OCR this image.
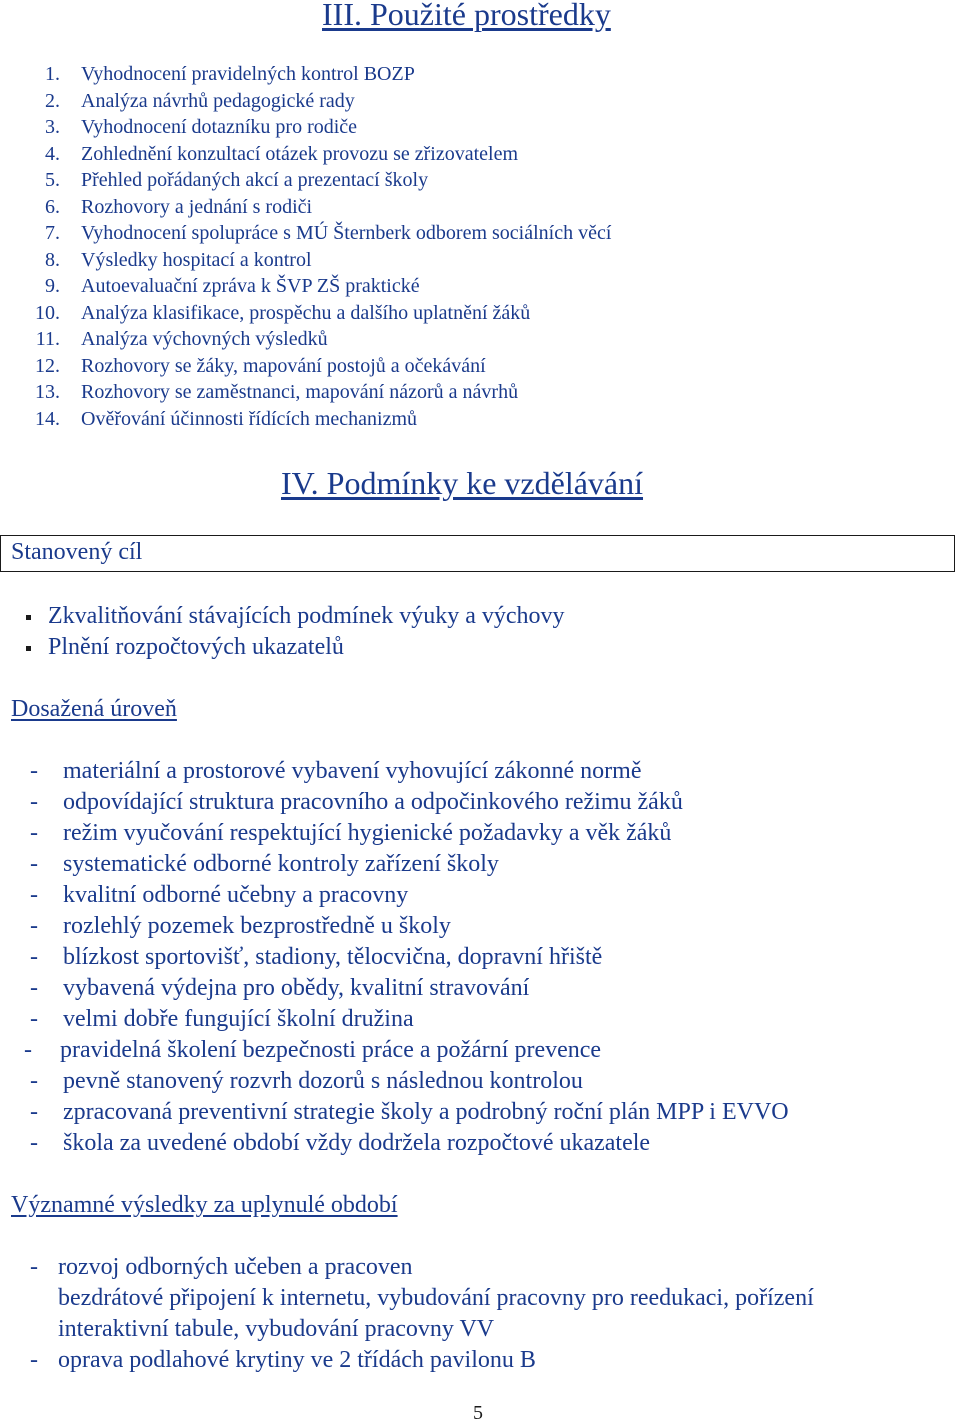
III. Použité prostředky
1. Vyhodnocení pravidelných kontrol BOZP
2. Analýza návrhů pedagogické rady
3. Vyhodnocení dotazníku pro rodiče
4. Zohlednění konzultací otázek provozu se zřizovatelem
5. Přehled pořádaných akcí a prezentací školy
6. Rozhovory a jednání s rodiči
7. Vyhodnocení spolupráce s MÚ Šternberk odborem sociálních věcí
8. Výsledky hospitací a kontrol
9. Autoevaluační zpráva k ŠVP ZŠ praktické
10. Analýza klasifikace, prospěchu a dalšího uplatnění žáků
11. Analýza výchovných výsledků
12. Rozhovory se žáky, mapování postojů a očekávání
13. Rozhovory se zaměstnanci, mapování názorů a návrhů
14. Ověřování účinnosti řídících mechanizmů
IV. Podmínky ke vzdělávání
Stanovený cíl
Zkvalitňování stávajících podmínek výuky a výchovy
Plnění rozpočtových ukazatelů
Dosažená úroveň
- materiální a prostorové vybavení vyhovující zákonné normě
- odpovídající struktura pracovního a odpočinkového režimu žáků
- režim vyučování respektující hygienické požadavky a věk žáků
- systematické odborné kontroly zařízení školy
- kvalitní odborné učebny a pracovny
- rozlehlý pozemek bezprostředně u školy
- blízkost sportovišť, stadiony, tělocvična, dopravní hřiště
- vybavená výdejna pro obědy, kvalitní stravování
- velmi dobře fungující školní družina
- pravidelná školení bezpečnosti práce a požární prevence
- pevně stanovený rozvrh dozorů s následnou kontrolou
- zpracovaná preventivní strategie školy a podrobný roční plán MPP i EVVO
- škola za uvedené období vždy dodržela rozpočtové ukazatele
Významné výsledky za uplynulé období
- rozvoj odborných učeben a pracoven
bezdrátové připojení k internetu, vybudování pracovny pro reedukaci, pořízení
interaktivní tabule, vybudování pracovny VV
- oprava podlahové krytiny ve 2 třídách pavilonu B
5
